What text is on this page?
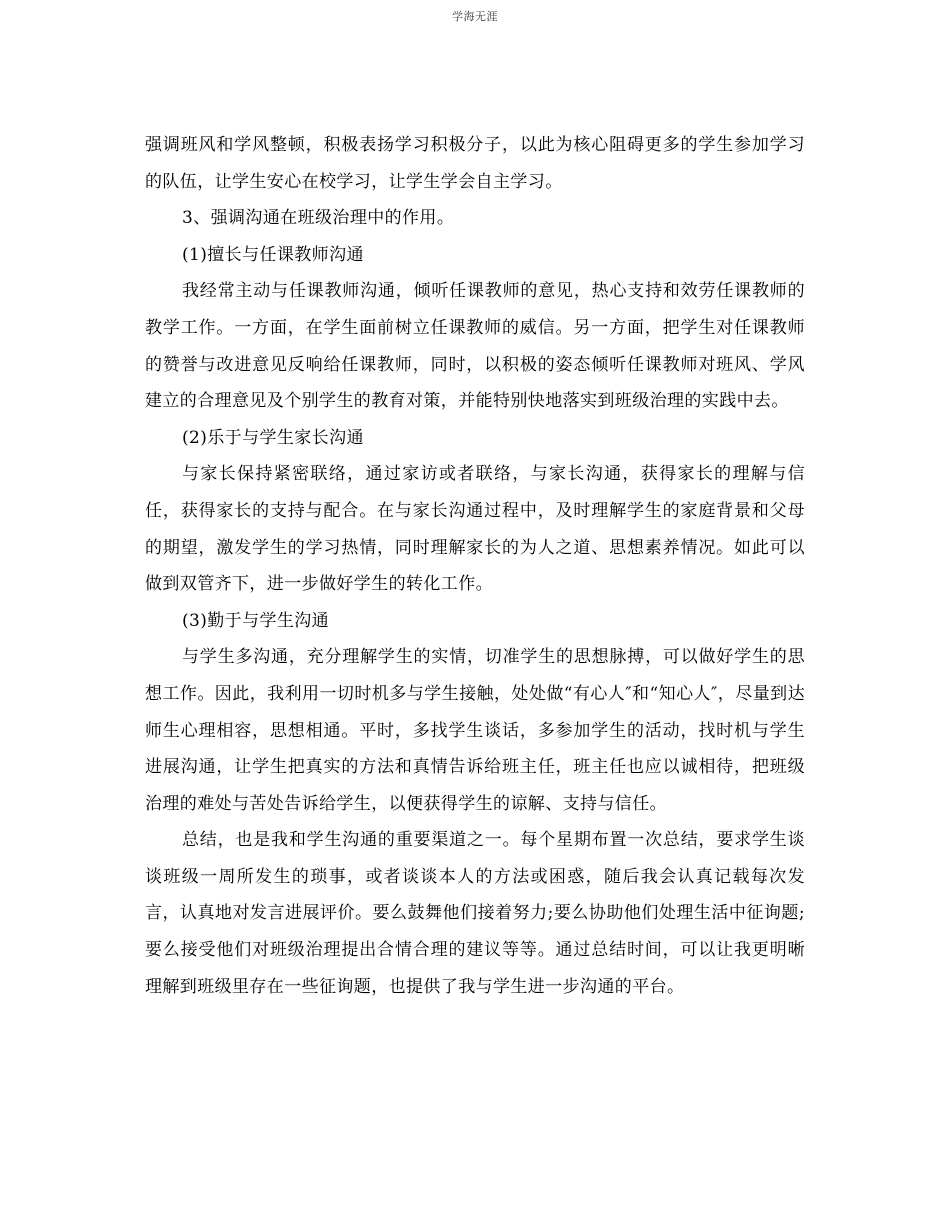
学海无涯

强调班风和学风整顿，积极表扬学习积极分子，以此为核心阻碍更多的学生参加学习的队伍，让学生安心在校学习，让学生学会自主学习。

3、强调沟通在班级治理中的作用。

(1)擅长与任课教师沟通

我经常主动与任课教师沟通，倾听任课教师的意见，热心支持和效劳任课教师的教学工作。一方面，在学生面前树立任课教师的威信。另一方面，把学生对任课教师的赞誉与改进意见反响给任课教师，同时，以积极的姿态倾听任课教师对班风、学风建立的合理意见及个别学生的教育对策，并能特别快地落实到班级治理的实践中去。

(2)乐于与学生家长沟通

与家长保持紧密联络，通过家访或者联络，与家长沟通，获得家长的理解与信任，获得家长的支持与配合。在与家长沟通过程中，及时理解学生的家庭背景和父母的期望，激发学生的学习热情，同时理解家长的为人之道、思想素养情况。如此可以做到双管齐下，进一步做好学生的转化工作。

(3)勤于与学生沟通

与学生多沟通，充分理解学生的实情，切准学生的思想脉搏，可以做好学生的思想工作。因此，我利用一切时机多与学生接触，处处做“有心人″和“知心人″，尽量到达师生心理相容，思想相通。平时，多找学生谈话，多参加学生的活动，找时机与学生进展沟通，让学生把真实的方法和真情告诉给班主任，班主任也应以诚相待，把班级治理的难处与苦处告诉给学生，以便获得学生的谅解、支持与信任。

总结，也是我和学生沟通的重要渠道之一。每个星期布置一次总结，要求学生谈谈班级一周所发生的琐事，或者谈谈本人的方法或困惑，随后我会认真记载每次发言，认真地对发言进展评价。要么鼓舞他们接着努力;要么协助他们处理生活中征询题;要么接受他们对班级治理提出合情合理的建议等等。通过总结时间，可以让我更明晰理解到班级里存在一些征询题，也提供了我与学生进一步沟通的平台。
